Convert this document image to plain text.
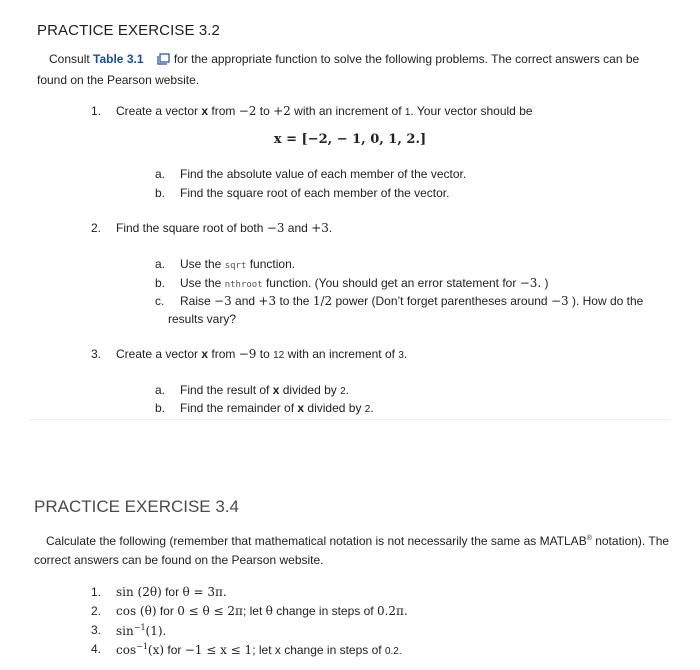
PRACTICE EXERCISE 3.2
Consult Table 3.1 for the appropriate function to solve the following problems. The correct answers can be found on the Pearson website.
1. Create a vector x from −2 to +2 with an increment of 1. Your vector should be
x = [−2, − 1, 0, 1, 2.]
a. Find the absolute value of each member of the vector.
b. Find the square root of each member of the vector.
2. Find the square root of both −3 and +3.
a. Use the sqrt function.
b. Use the nthroot function. (You should get an error statement for −3. )
c. Raise −3 and +3 to the 1/2 power (Don’t forget parentheses around −3 ). How do the
results vary?
3. Create a vector x from −9 to 12 with an increment of 3.
a. Find the result of x divided by 2.
b. Find the remainder of x divided by 2.
PRACTICE EXERCISE 3.4
Calculate the following (remember that mathematical notation is not necessarily the same as MATLAB® notation). The correct answers can be found on the Pearson website.
1. sin (2θ) for θ = 3π.
2. cos (θ) for 0 ≤ θ ≤ 2π; let θ change in steps of 0.2π.
3. $\sin^{-1}(1)$.
4. $\cos^{-1}(x)$ for −1 ≤ x ≤ 1; let x change in steps of 0.2.
